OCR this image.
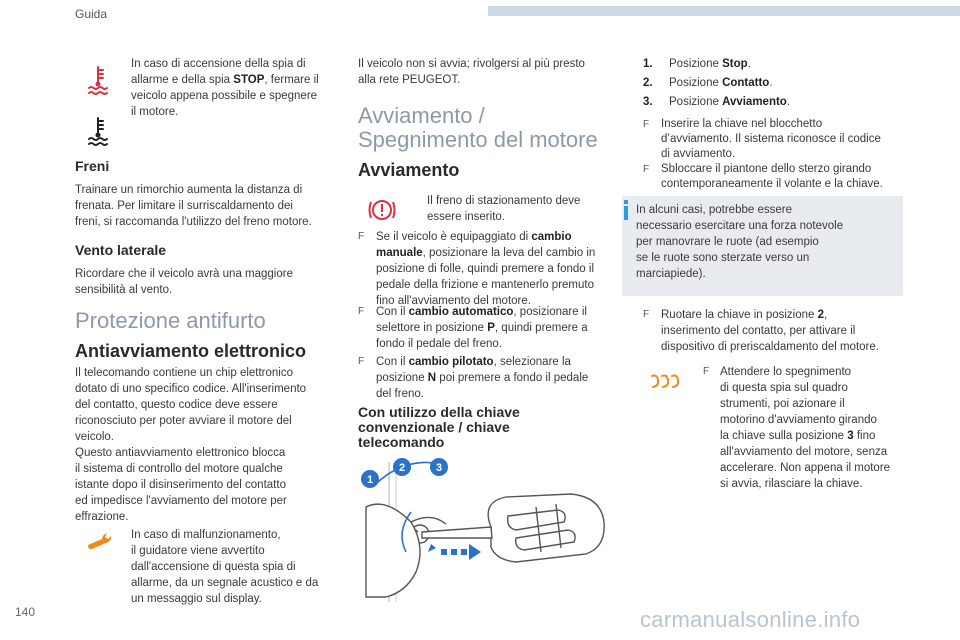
Guida
140	carmanualsonline.info
In caso di accensione della spia di
allarme e della spia STOP, fermare il
veicolo appena possibile e spegnere
il motore.
Freni
Trainare un rimorchio aumenta la distanza di
frenata. Per limitare il surriscaldamento dei
freni, si raccomanda l'utilizzo del freno motore.
Vento laterale
Ricordare che il veicolo avrà una maggiore
sensibilità al vento.
Protezione antifurto
Antiavviamento elettronico
Il telecomando contiene un chip elettronico
dotato di uno specifico codice. All'inserimento
del contatto, questo codice deve essere
riconosciuto per poter avviare il motore del
veicolo.
Questo antiavviamento elettronico blocca
il sistema di controllo del motore qualche
istante dopo il disinserimento del contatto
ed impedisce l'avviamento del motore per
effrazione.
In caso di malfunzionamento,
il guidatore viene avvertito
dall'accensione di questa spia di
allarme, da un segnale acustico e da
un messaggio sul display.
Il veicolo non si avvia; rivolgersi al più presto
alla rete PEUGEOT.
Avviamento /
Spegnimento del motore
Avviamento
Il freno di stazionamento deve
essere inserito.
F Se il veicolo è equipaggiato di cambio
manuale, posizionare la leva del cambio in
posizione di folle, quindi premere a fondo il
pedale della frizione e mantenerlo premuto
fino all'avviamento del motore.
F Con il cambio automatico, posizionare il
selettore in posizione P, quindi premere a
fondo il pedale del freno.
F Con il cambio pilotato, selezionare la
posizione N poi premere a fondo il pedale
del freno.
Con utilizzo della chiave
convenzionale / chiave
telecomando
1
2	3
1. Posizione Stop.
2. Posizione Contatto.
3. Posizione Avviamento.
F Inserire la chiave nel blocchetto
d’avviamento. Il sistema riconosce il codice
di avviamento.
F Sbloccare il piantone dello sterzo girando
contemporaneamente il volante e la chiave.
In alcuni casi, potrebbe essere
necessario esercitare una forza notevole
per manovrare le ruote (ad esempio
se le ruote sono sterzate verso un
marciapiede).
F Ruotare la chiave in posizione 2,
inserimento del contatto, per attivare il
dispositivo di preriscaldamento del motore.
F Attendere lo spegnimento
di questa spia sul quadro
strumenti, poi azionare il
motorino d'avviamento girando
la chiave sulla posizione 3 fino
all'avviamento del motore, senza
accelerare. Non appena il motore
si avvia, rilasciare la chiave.
